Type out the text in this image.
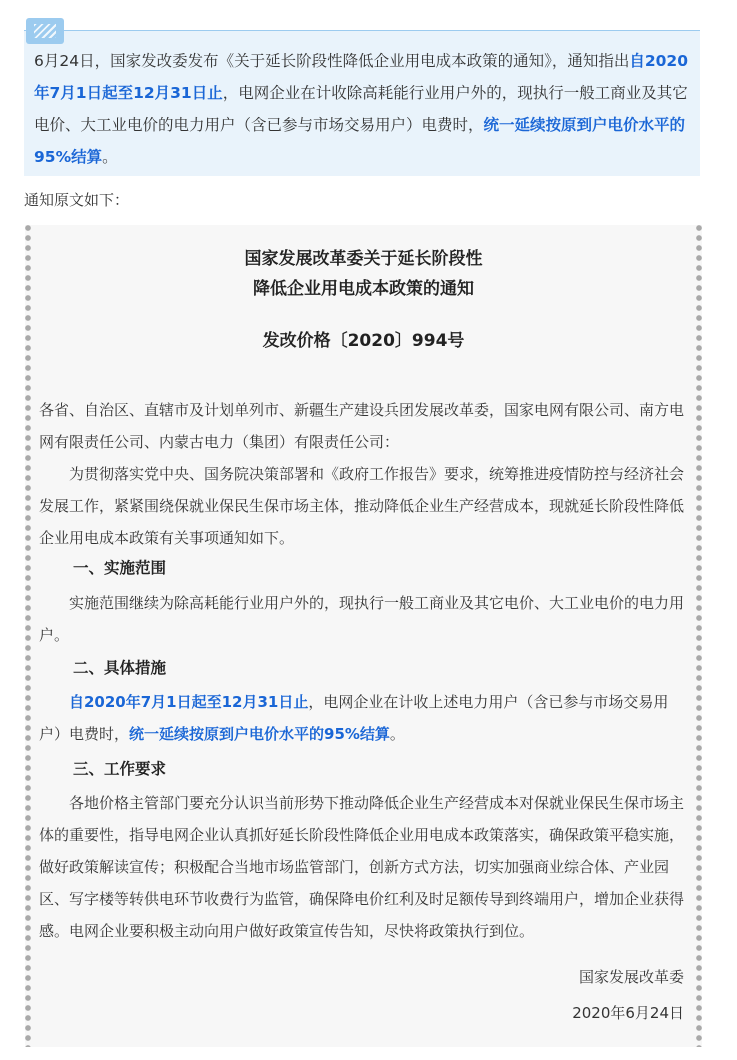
6月24日，国家发改委发布《关于延长阶段性降低企业用电成本政策的通知》，通知指出自2020年7月1日起至12月31日止，电网企业在计收除高耗能行业用户外的，现执行一般工商业及其它电价、大工业电价的电力用户（含已参与市场交易用户）电费时，统一延续按原到户电价水平的95%结算。

通知原文如下：

国家发展改革委关于延长阶段性

降低企业用电成本政策的通知

发改价格〔2020〕994号

各省、自治区、直辖市及计划单列市、新疆生产建设兵团发展改革委，国家电网有限公司、南方电网有限责任公司、内蒙古电力（集团）有限责任公司：

为贯彻落实党中央、国务院决策部署和《政府工作报告》要求，统筹推进疫情防控与经济社会发展工作，紧紧围绕保就业保民生保市场主体，推动降低企业生产经营成本，现就延长阶段性降低企业用电成本政策有关事项通知如下。

一、实施范围

实施范围继续为除高耗能行业用户外的，现执行一般工商业及其它电价、大工业电价的电力用户。

二、具体措施

自2020年7月1日起至12月31日止，电网企业在计收上述电力用户（含已参与市场交易用户）电费时，统一延续按原到户电价水平的95%结算。

三、工作要求

各地价格主管部门要充分认识当前形势下推动降低企业生产经营成本对保就业保民生保市场主体的重要性，指导电网企业认真抓好延长阶段性降低企业用电成本政策落实，确保政策平稳实施，做好政策解读宣传；积极配合当地市场监管部门，创新方式方法，切实加强商业综合体、产业园区、写字楼等转供电环节收费行为监管，确保降电价红利及时足额传导到终端用户，增加企业获得感。电网企业要积极主动向用户做好政策宣传告知，尽快将政策执行到位。

国家发展改革委

2020年6月24日
